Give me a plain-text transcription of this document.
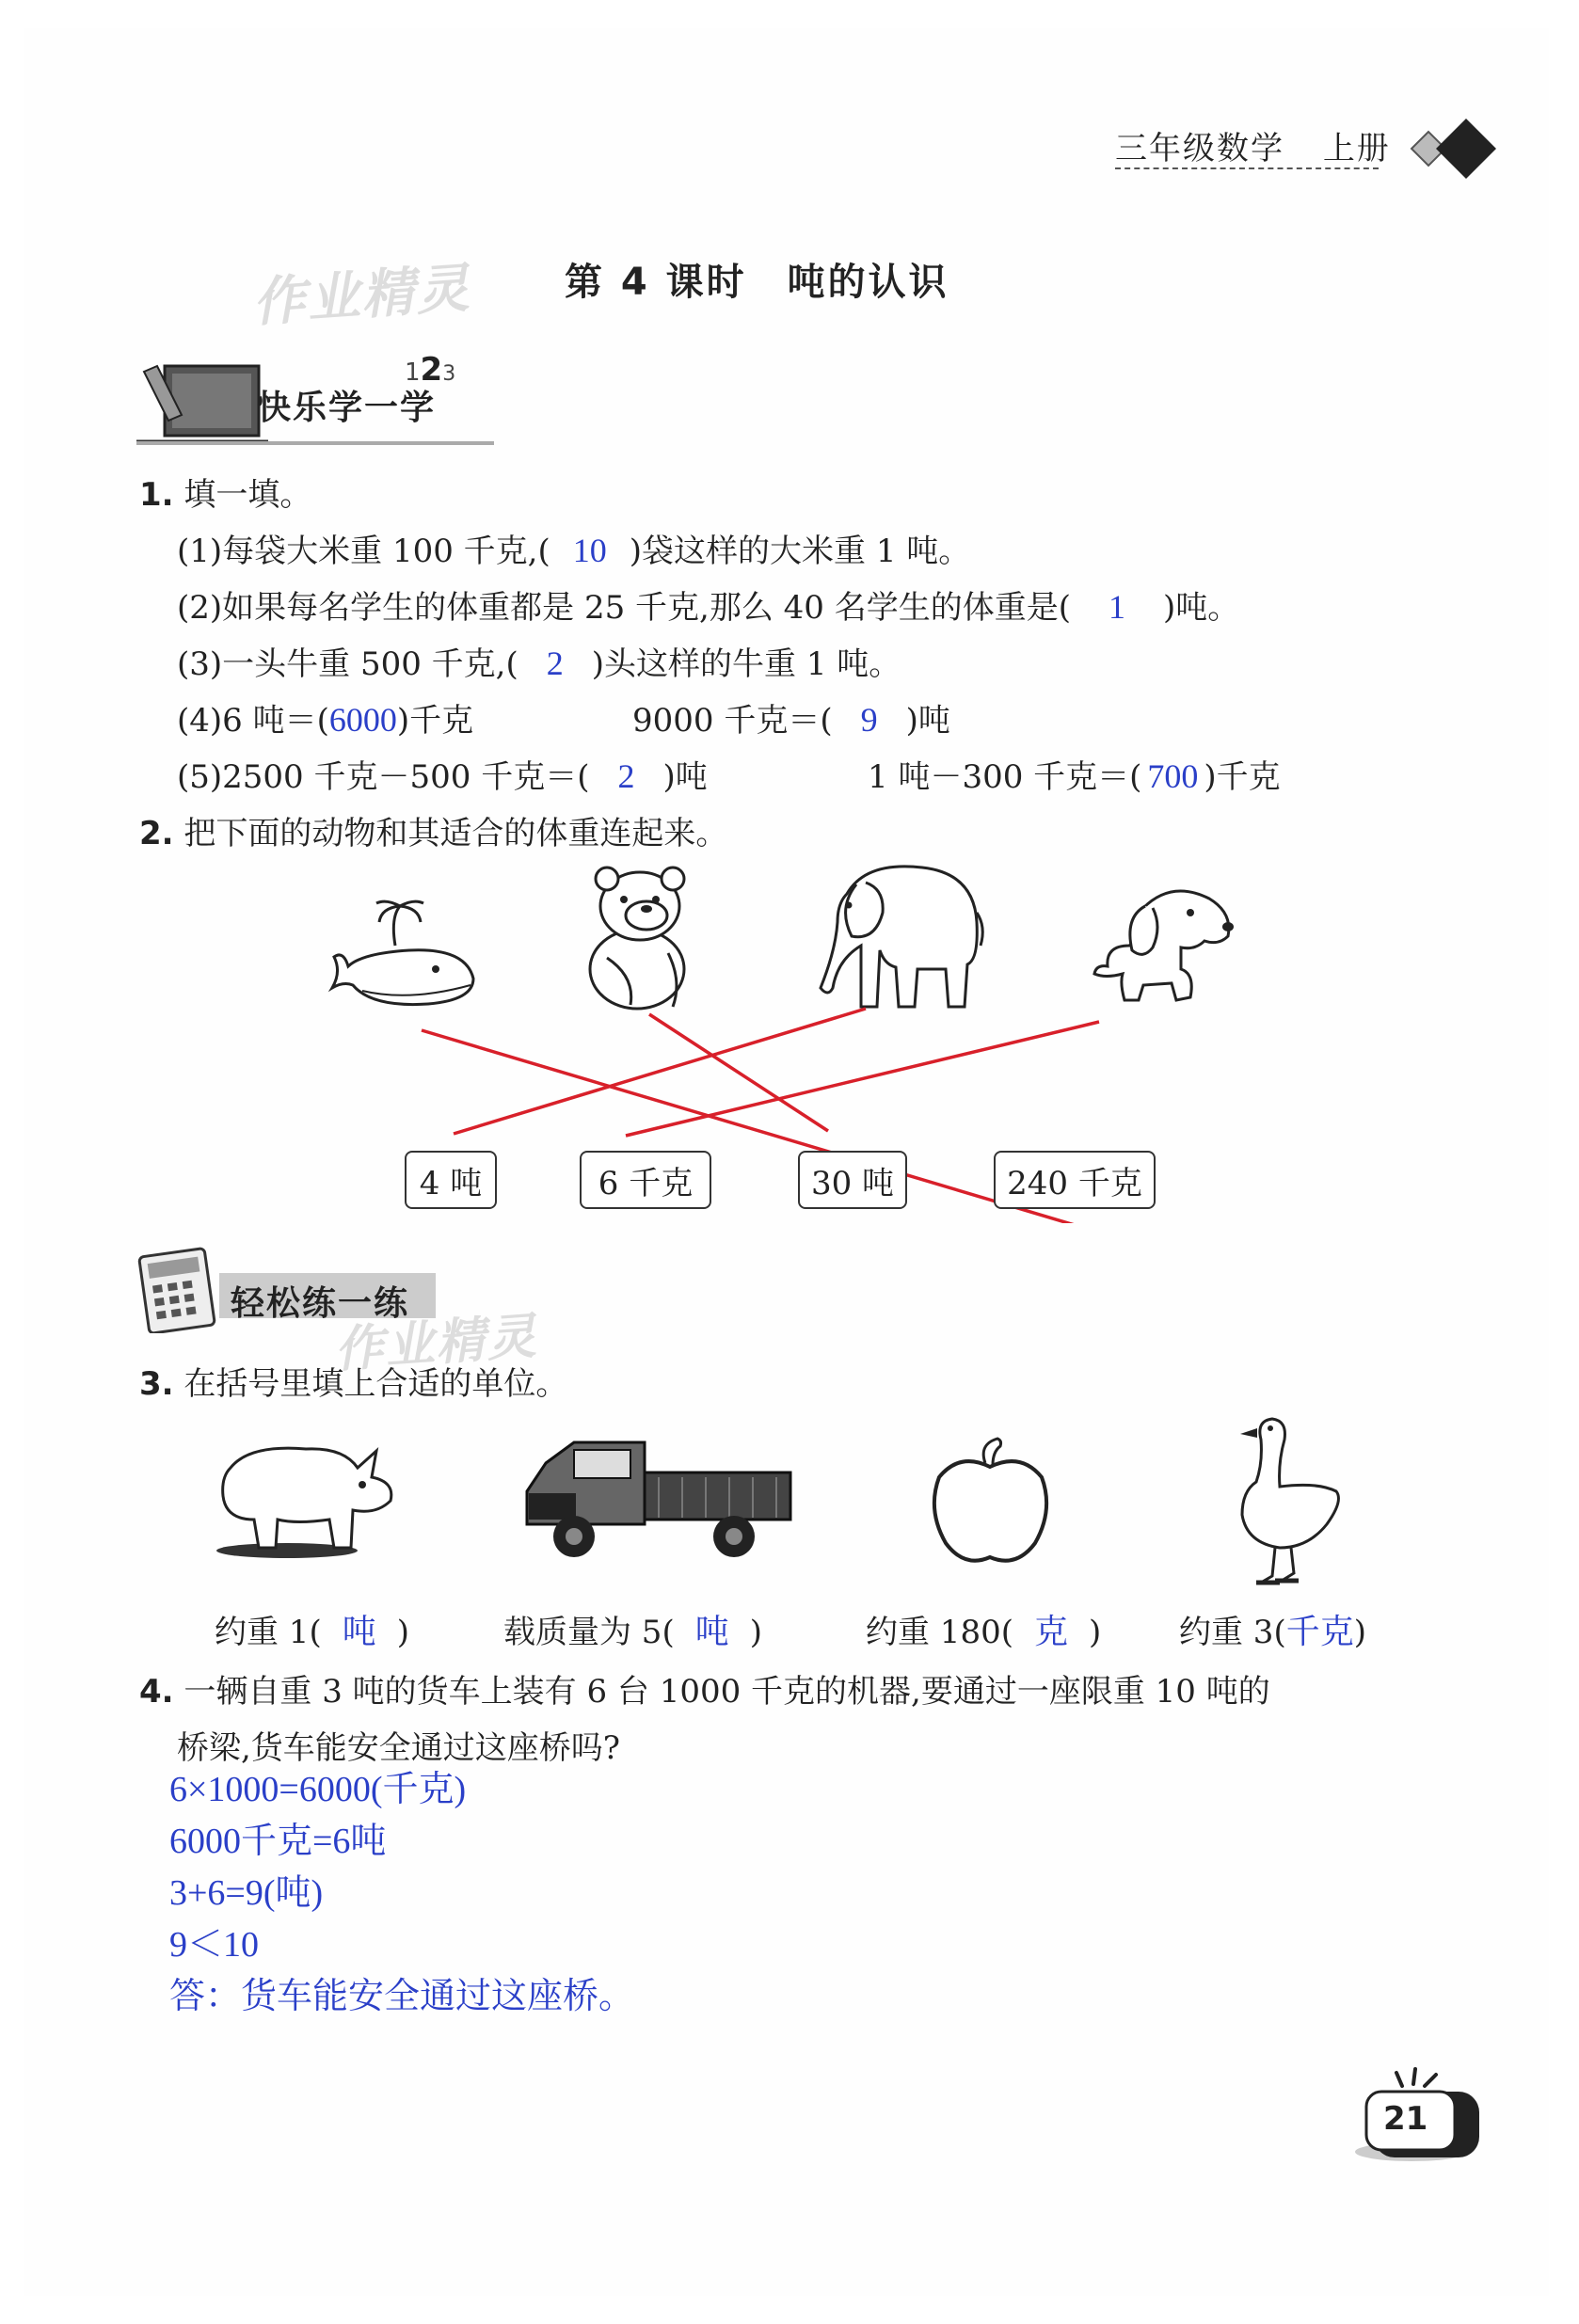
三年级数学 上册
作业精灵 第 4 课时　吨的认识
快乐学一学
123
1. 填一填。
(1)每袋大米重 100 千克,( 10 )袋这样的大米重 1 吨。
(2)如果每名学生的体重都是 25 千克,那么 40 名学生的体重是( 1 )吨。
(3)一头牛重 500 千克,( 2 )头这样的牛重 1 吨。
(4)6 吨＝(6000)千克	9000 千克＝( 9 )吨
(5)2500 千克－500 千克＝( 2 )吨	1 吨－300 千克＝( 700 )千克
2. 把下面的动物和其适合的体重连起来。
4 吨	6 千克	30 吨	240 千克
轻松练一练
作业精灵
3. 在括号里填上合适的单位。
约重 1( 吨 )	载质量为 5( 吨 )	约重 180( 克 ) 约重 3(千克)
4. 一辆自重 3 吨的货车上装有 6 台 1000 千克的机器,要通过一座限重 10 吨的
桥梁,货车能安全通过这座桥吗?
6×1000=6000(千克)
6000千克=6吨
3+6=9(吨)
9＜10
答：货车能安全通过这座桥。
21
